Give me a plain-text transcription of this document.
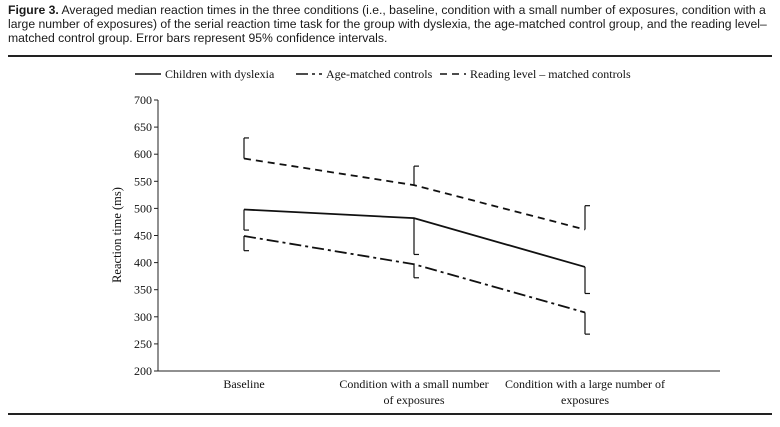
Figure 3. Averaged median reaction times in the three conditions (i.e., baseline, condition with a small number of exposures, condition with a large number of exposures) of the serial reaction time task for the group with dyslexia, the age-matched control group, and the reading level–matched control group. Error bars represent 95% confidence intervals.
Children with dyslexia	Age-matched controls	Reading level – matched controls
200
250
300
350
400
450
500
550
600
650
700
Baseline	Condition with a small number
of exposures
Condition with a large number of
exposures
Reaction time (ms)
